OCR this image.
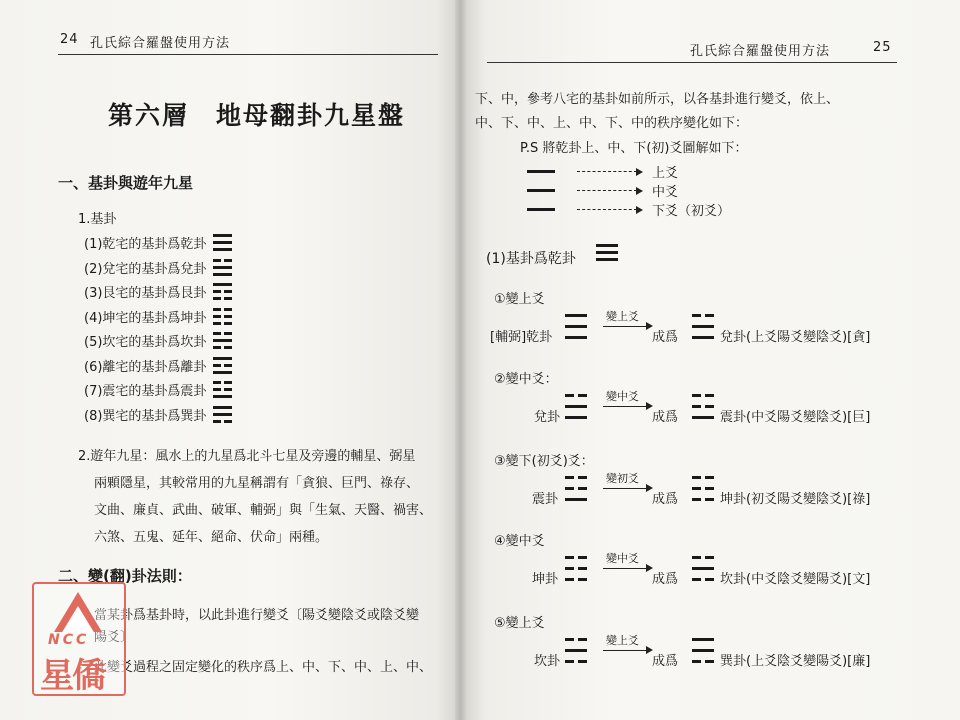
24 孔氏綜合羅盤使用方法
第六層　地母翻卦九星盤
一、基卦與遊年九星
1.基卦
(1)乾宅的基卦爲乾卦
(2)兌宅的基卦爲兌卦
(3)艮宅的基卦爲艮卦
(4)坤宅的基卦爲坤卦
(5)坎宅的基卦爲坎卦
(6)離宅的基卦爲離卦
(7)震宅的基卦爲震卦
(8)巽宅的基卦爲巽卦
2.遊年九星：風水上的九星爲北斗七星及旁邊的輔星、弼星
兩顆隱星，其較常用的九星稱謂有「貪狼、巨門、祿存、
文曲、廉貞、武曲、破軍、輔弼」與「生氣、天醫、禍害、
六煞、五鬼、延年、絕命、伏命」兩種。
二、變(翻)卦法則：
當某卦爲基卦時，以此卦進行變爻〔陽爻變陰爻或陰爻變
陽爻〕
此變爻過程之固定變化的秩序爲上、中、下、中、上、中、
NCC
星僑
孔氏綜合羅盤使用方法	25
下、中，參考八宅的基卦如前所示，以各基卦進行變爻，依上、
中、下、中、上、中、下、中的秩序變化如下：
P.S 將乾卦上、中、下(初)爻圖解如下：
上爻
中爻
下爻（初爻）
(1)基卦爲乾卦
①變上爻
[輔弼]乾卦
變上爻
成爲	兌卦(上爻陽爻變陰爻)[貪]
②變中爻：
兌卦
變中爻
成爲	震卦(中爻陽爻變陰爻)[巨]
③變下(初爻)爻：
震卦
變初爻
成爲	坤卦(初爻陽爻變陰爻)[祿]
④變中爻
坤卦
變中爻
成爲	坎卦(中爻陰爻變陽爻)[文]
⑤變上爻
坎卦
變上爻
成爲	巽卦(上爻陰爻變陽爻)[廉]
